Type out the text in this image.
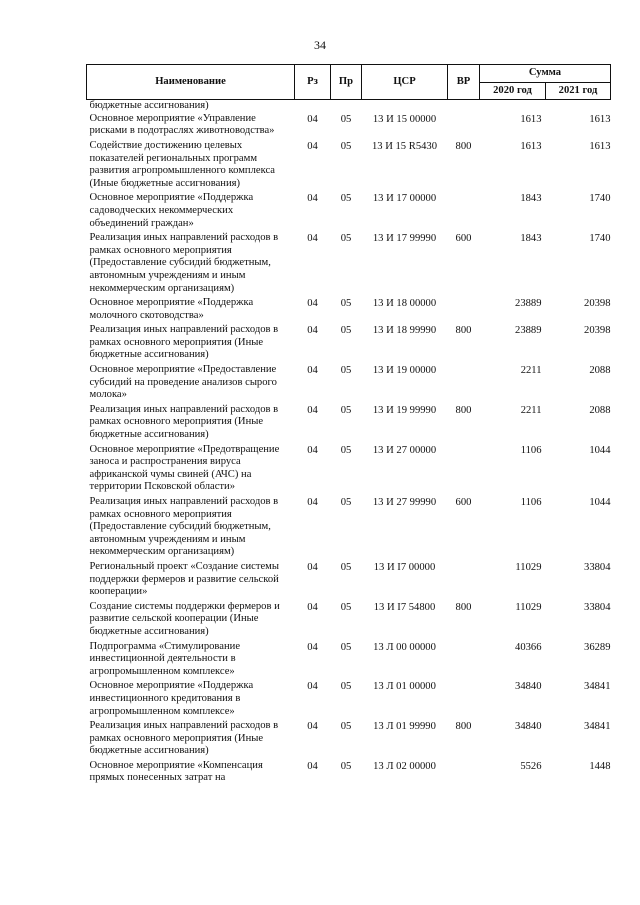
34
Наименование	Рз	Пр	ЦСР	ВР	Сумма	
					2020 год	2021 год
бюджетные ассигнования)						
Основное мероприятие «Управление рисками в подотраслях животноводства»	04	05	13 И 15 00000		1613	1613
Содействие достижению целевых показателей региональных программ развития агропромышленного комплекса (Иные бюджетные ассигнования)	04	05	13 И 15 R5430	800	1613	1613
Основное мероприятие «Поддержка садоводческих некоммерческих объединений граждан»	04	05	13 И 17 00000		1843	1740
Реализация иных направлений расходов в рамках основного мероприятия (Предоставление субсидий бюджетным, автономным учреждениям и иным некоммерческим организациям)	04	05	13 И 17 99990	600	1843	1740
Основное мероприятие «Поддержка молочного скотоводства»	04	05	13 И 18 00000		23889	20398
Реализация иных направлений расходов в рамках основного мероприятия (Иные бюджетные ассигнования)	04	05	13 И 18 99990	800	23889	20398
Основное мероприятие «Предоставление субсидий на проведение анализов сырого молока»	04	05	13 И 19 00000		2211	2088
Реализация иных направлений расходов в рамках основного мероприятия (Иные бюджетные ассигнования)	04	05	13 И 19 99990	800	2211	2088
Основное мероприятие «Предотвращение заноса и распространения вируса африканской чумы свиней (АЧС) на территории Псковской области»	04	05	13 И 27 00000		1106	1044
Реализация иных направлений расходов в рамках основного мероприятия (Предоставление субсидий бюджетным, автономным учреждениям и иным некоммерческим организациям)	04	05	13 И 27 99990	600	1106	1044
Региональный проект «Создание системы поддержки фермеров и развитие сельской кооперации»	04	05	13 И I7 00000		11029	33804
Создание системы поддержки фермеров и развитие сельской кооперации (Иные бюджетные ассигнования)	04	05	13 И I7 54800	800	11029	33804
Подпрограмма «Стимулирование инвестиционной деятельности в агропромышленном комплексе»	04	05	13 Л 00 00000		40366	36289
Основное мероприятие «Поддержка инвестиционного кредитования в агропромышленном комплексе»	04	05	13 Л 01 00000		34840	34841
Реализация иных направлений расходов в рамках основного мероприятия (Иные бюджетные ассигнования)	04	05	13 Л 01 99990	800	34840	34841
Основное мероприятие «Компенсация прямых понесенных затрат на	04	05	13 Л 02 00000		5526	1448
